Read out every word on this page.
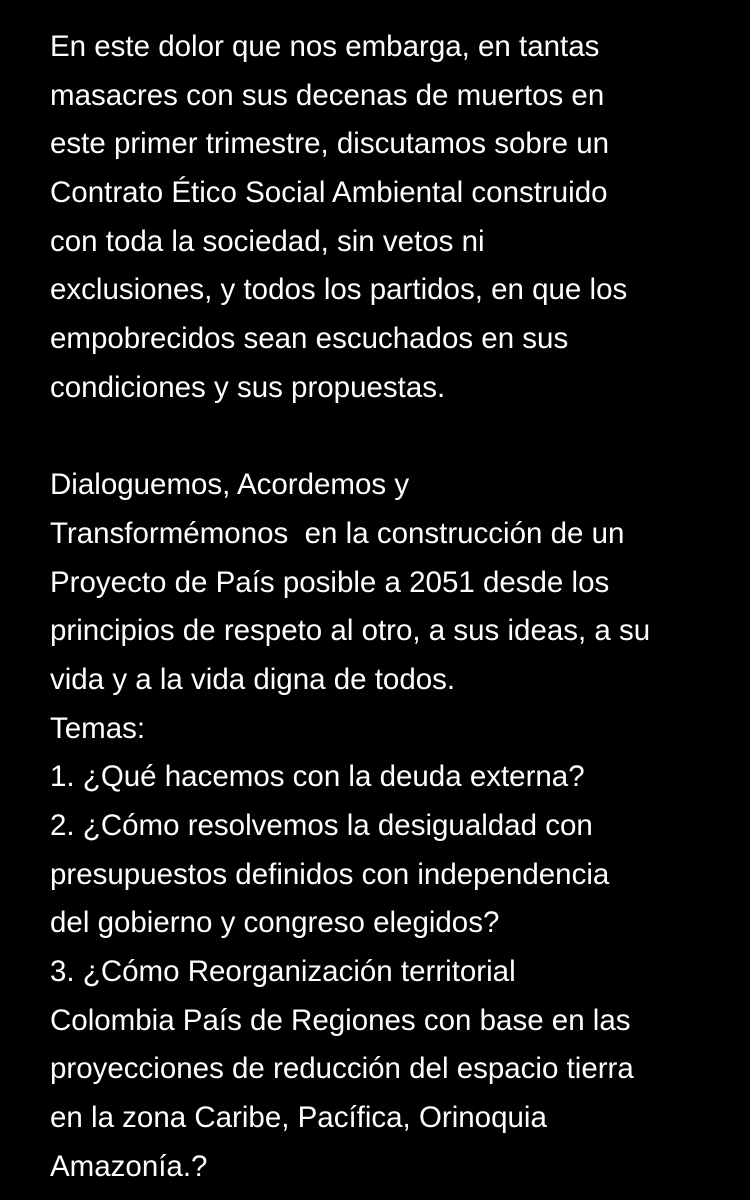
En este dolor que nos embarga, en tantas
masacres con sus decenas de muertos en
este primer trimestre, discutamos sobre un
Contrato Ético Social Ambiental construido
con toda la sociedad, sin vetos ni
exclusiones, y todos los partidos, en que los
empobrecidos sean escuchados en sus
condiciones y sus propuestas.
Dialoguemos, Acordemos y
Transformémonos  en la construcción de un
Proyecto de País posible a 2051 desde los
principios de respeto al otro, a sus ideas, a su
vida y a la vida digna de todos.
Temas:
1. ¿Qué hacemos con la deuda externa?
2. ¿Cómo resolvemos la desigualdad con
presupuestos definidos con independencia
del gobierno y congreso elegidos?
3. ¿Cómo Reorganización territorial
Colombia País de Regiones con base en las
proyecciones de reducción del espacio tierra
en la zona Caribe, Pacífica, Orinoquia
Amazonía.?
